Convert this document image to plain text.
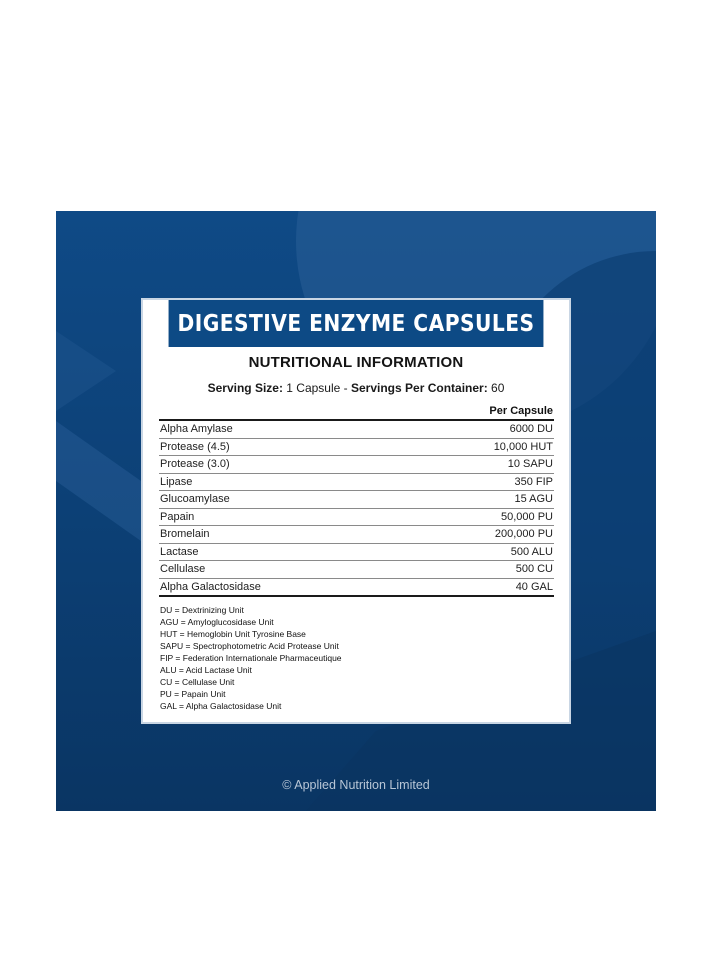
DIGESTIVE ENZYME CAPSULES
NUTRITIONAL INFORMATION
Serving Size: 1 Capsule - Servings Per Container: 60
Per Capsule
Alpha Amylase	6000 DU
Protease (4.5)	10,000 HUT
Protease (3.0)	10 SAPU
Lipase	350 FIP
Glucoamylase	15 AGU
Papain	50,000 PU
Bromelain	200,000 PU
Lactase	500 ALU
Cellulase	500 CU
Alpha Galactosidase	40 GAL
DU = Dextrinizing Unit
AGU = Amyloglucosidase Unit
HUT = Hemoglobin Unit Tyrosine Base
SAPU = Spectrophotometric Acid Protease Unit
FIP = Federation Internationale Pharmaceutique
ALU = Acid Lactase Unit
CU = Cellulase Unit
PU = Papain Unit
GAL = Alpha Galactosidase Unit
© Applied Nutrition Limited
